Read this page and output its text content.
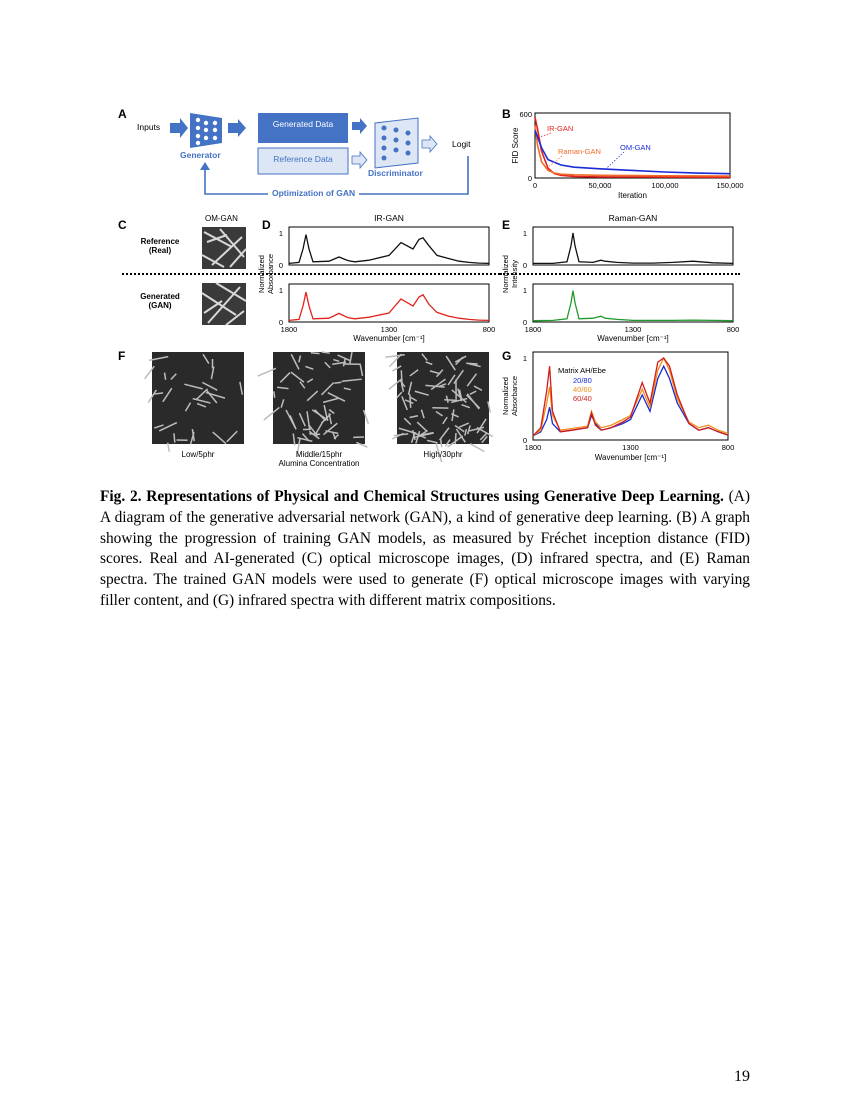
A
Inputs	Generated Data
Reference Data
Generator
Discriminator
Logit
Optimization of GAN
B
0	50,000	100,000	150,000
0
600
Iteration
FID Score	IR-GAN
Raman-GAN	OM-GAN
C	OM-GAN
Reference
(Real)
Generated
(GAN)
D	IR-GAN
1
0
1
0
1800	1300	800
Wavenumber [cm⁻¹]
Normalized Absorbance
E	Raman-GAN
1
0
1
0
1800	1300	800
Wavenumber [cm⁻¹]
Normalized Intensity
F
Low/5phr	Middle/15phr	High/30phr
Alumina Concentration
G 1
0
1800	1300	800
Wavenumber [cm⁻¹]
Normalized Absorbance
Matrix AH/Ebe
20/80
40/60
60/40
Fig. 2. Representations of Physical and Chemical Structures using Generative Deep Learning. (A) A diagram of the generative adversarial network (GAN), a kind of generative deep learning. (B) A graph showing the progression of training GAN models, as measured by Fréchet inception distance (FID) scores. Real and AI-generated (C) optical microscope images, (D) infrared spectra, and (E) Raman spectra. The trained GAN models were used to generate (F) optical microscope images with varying filler content, and (G) infrared spectra with different matrix compositions.
19
